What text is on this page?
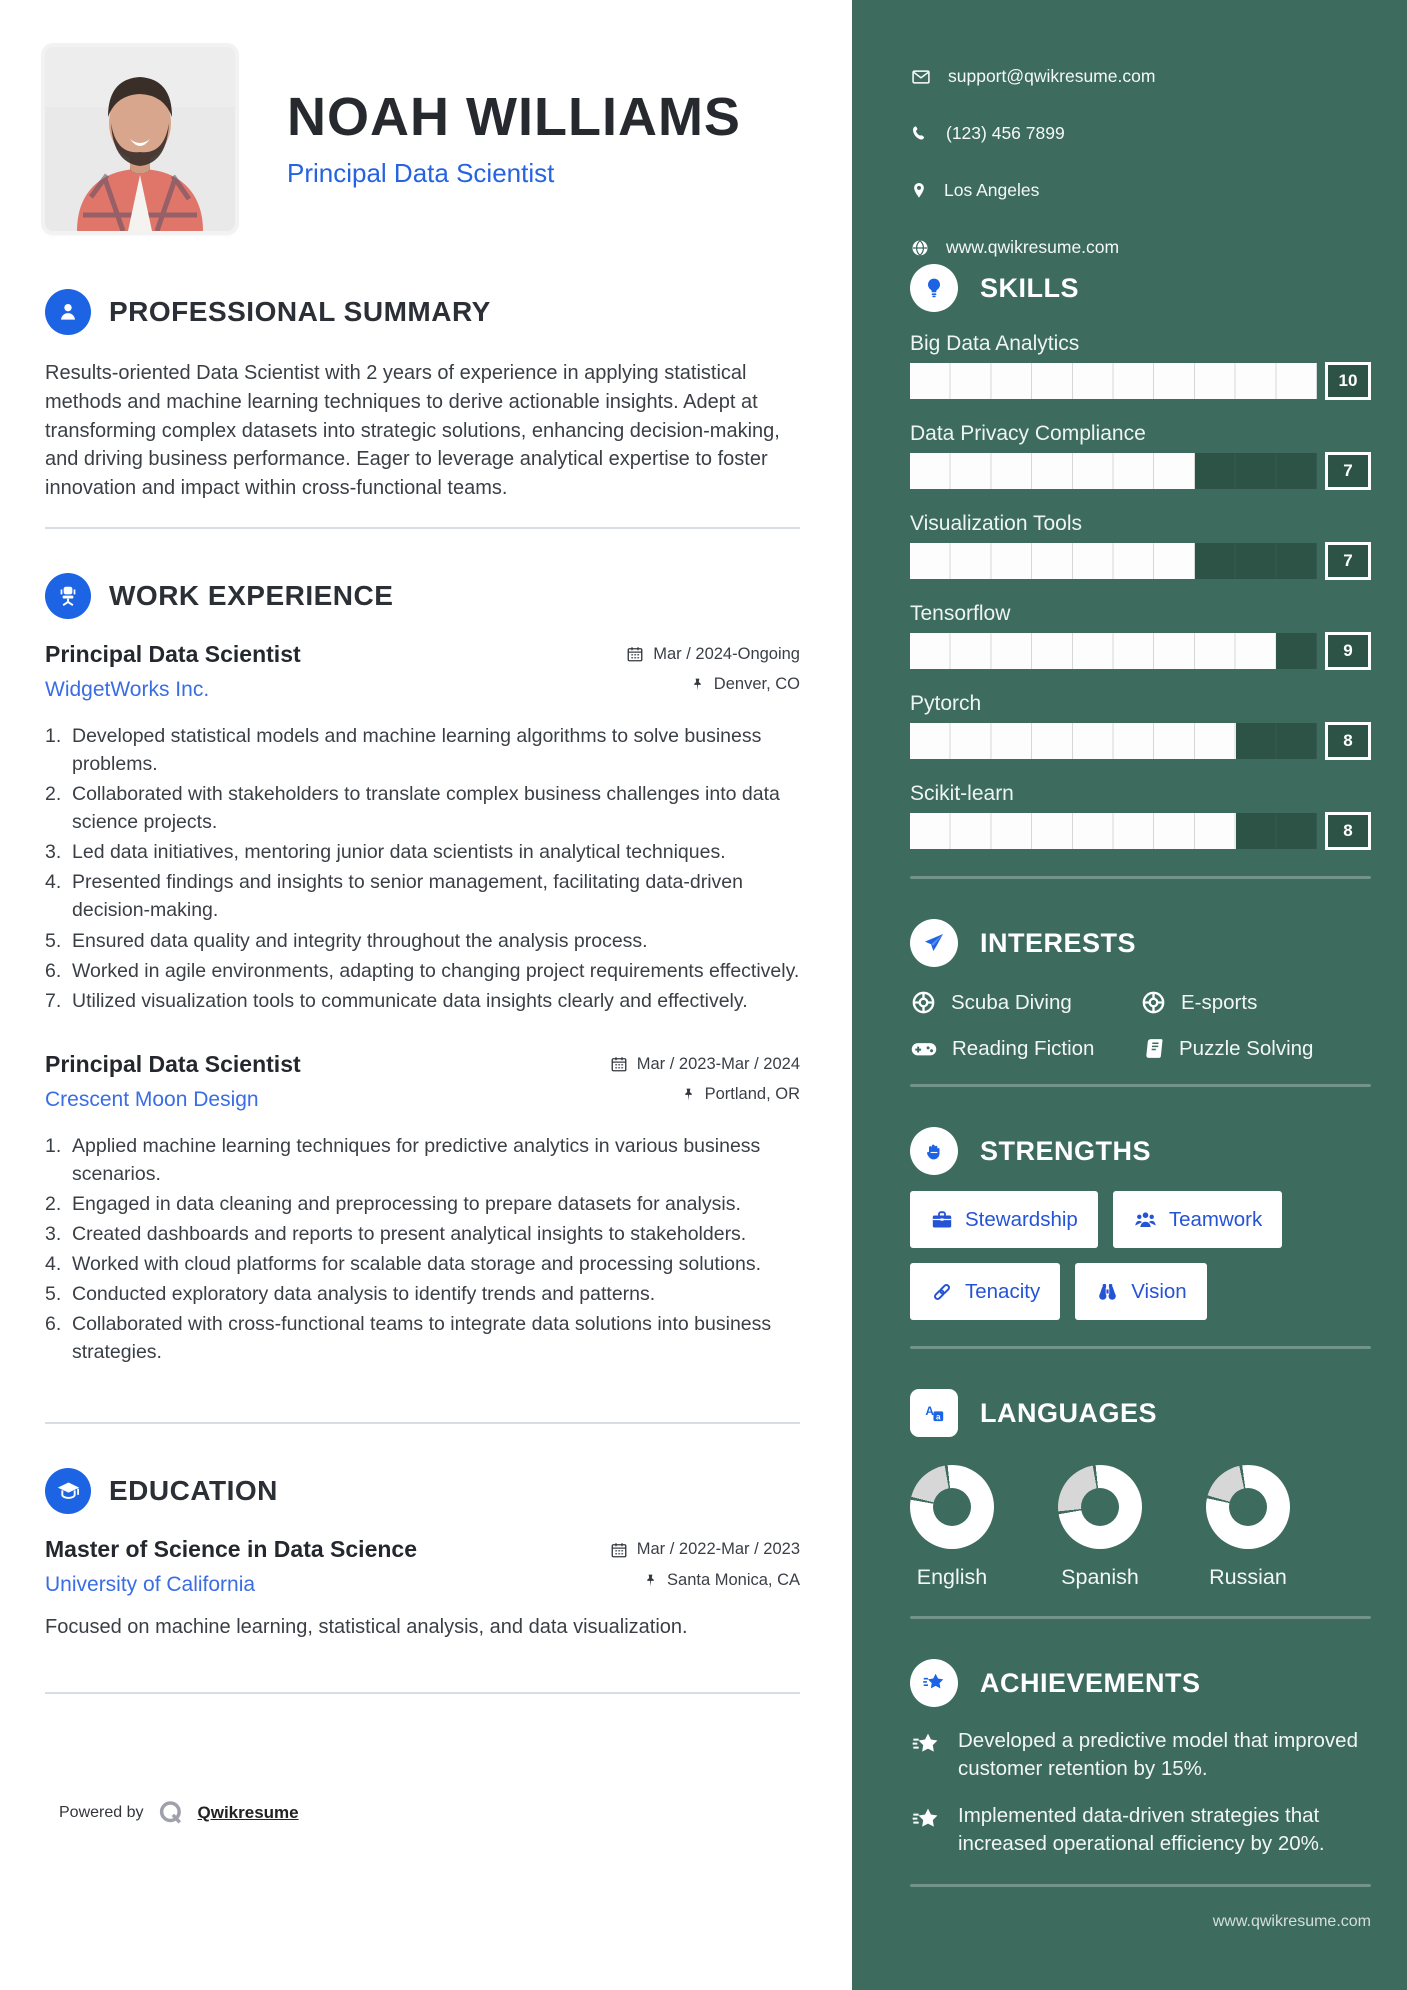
NOAH WILLIAMS
Principal Data Scientist
PROFESSIONAL SUMMARY

Results-oriented Data Scientist with 2 years of experience in applying statistical methods and machine learning techniques to derive actionable insights. Adept at transforming complex datasets into strategic solutions, enhancing decision-making, and driving business performance. Eager to leverage analytical expertise to foster innovation and impact within cross-functional teams.

WORK EXPERIENCE
Principal Data Scientist	Mar / 2024-Ongoing
WidgetWorks Inc.	Denver, CO
Developed statistical models and machine learning algorithms to solve business problems.
Collaborated with stakeholders to translate complex business challenges into data science projects.
Led data initiatives, mentoring junior data scientists in analytical techniques.
Presented findings and insights to senior management, facilitating data-driven decision-making.
Ensured data quality and integrity throughout the analysis process.
Worked in agile environments, adapting to changing project requirements effectively.
Utilized visualization tools to communicate data insights clearly and effectively.
Principal Data Scientist	Mar / 2023-Mar / 2024
Crescent Moon Design	Portland, OR
Applied machine learning techniques for predictive analytics in various business scenarios.
Engaged in data cleaning and preprocessing to prepare datasets for analysis.
Created dashboards and reports to present analytical insights to stakeholders.
Worked with cloud platforms for scalable data storage and processing solutions.
Conducted exploratory data analysis to identify trends and patterns.
Collaborated with cross-functional teams to integrate data solutions into business strategies.
EDUCATION
Master of Science in Data Science	Mar / 2022-Mar / 2023
University of California	Santa Monica, CA

Focused on machine learning, statistical analysis, and data visualization.

Powered by	Qwikresume
support@qwikresume.com
(123) 456 7899
Los Angeles
www.qwikresume.com
SKILLS
Big Data Analytics
10
Data Privacy Compliance
7
Visualization Tools
7
Tensorflow
9
Pytorch
8
Scikit-learn
8
INTERESTS
Scuba Diving	E-sports
Reading Fiction	Puzzle Solving
STRENGTHS
Stewardship	Teamwork
Tenacity	Vision
A a LANGUAGES
English	Spanish	Russian
ACHIEVEMENTS

Developed a predictive model that improved customer retention by 15%.

Implemented data-driven strategies that increased operational efficiency by 20%.

www.qwikresume.com
